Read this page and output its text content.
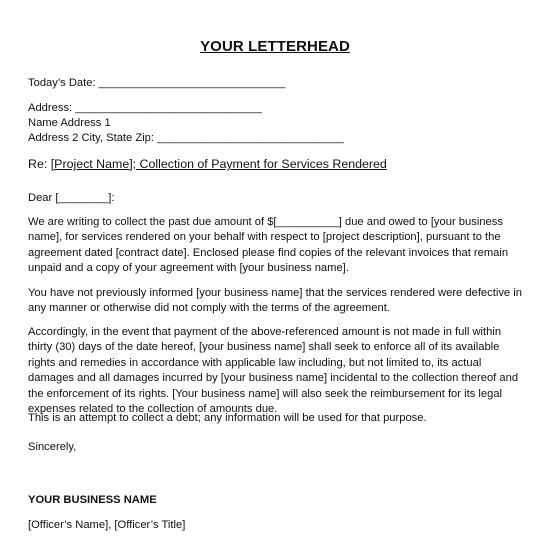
YOUR LETTERHEAD
Today’s Date: ______________________________
Address: ______________________________
Name Address 1
Address 2 City, State Zip: ______________________________
Re: [Project Name]; Collection of Payment for Services Rendered
Dear [________]:
We are writing to collect the past due amount of $[__________] due and owed to [your business name], for services rendered on your behalf with respect to [project description], pursuant to the agreement dated [contract date]. Enclosed please find copies of the relevant invoices that remain unpaid and a copy of your agreement with [your business name].
You have not previously informed [your business name] that the services rendered were defective in any manner or otherwise did not comply with the terms of the agreement.
Accordingly, in the event that payment of the above-referenced amount is not made in full within thirty (30) days of the date hereof, [your business name] shall seek to enforce all of its available rights and remedies in accordance with applicable law including, but not limited to, its actual damages and all damages incurred by [your business name] incidental to the collection thereof and the enforcement of its rights. [Your business name] will also seek the reimbursement for its legal expenses related to the collection of amounts due.
This is an attempt to collect a debt; any information will be used for that purpose.
Sincerely,
YOUR BUSINESS NAME
[Officer’s Name], [Officer’s Title]
